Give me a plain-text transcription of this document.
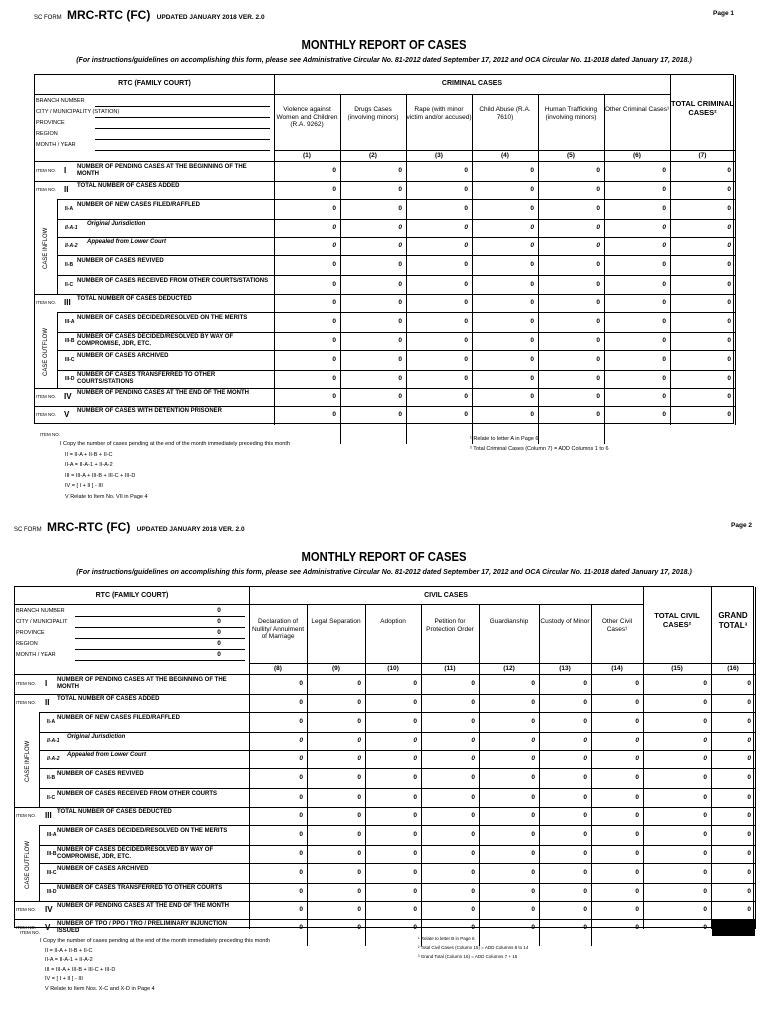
SC FORM MRC-RTC (FC) UPDATED JANUARY 2018 VER. 2.0
Page 1
MONTHLY REPORT OF CASES
(For instructions/guidelines on accomplishing this form, please see Administrative Circular No. 81-2012 dated September 17, 2012 and OCA Circular No. 11-2018 dated January 17, 2018.)
RTC (FAMILY COURT)	CRIMINAL CASES
BRANCH NUMBER
CITY / MUNICIPALITY (STATION)
PROVINCE
REGION
MONTH / YEAR
Violence against Women and Children (R.A. 9262)
(1)
Drugs Cases (involving minors)
(2)
Rape (with minor victim and/or accused)
(3)
Child Abuse (R.A. 7610)
(4)
Human Trafficking (involving minors)
(5)
Other Criminal Cases¹
(6)
TOTAL CRIMINAL CASES²
(7)
ITEM NO. I NUMBER OF PENDING CASES AT THE BEGINNING OF THE MONTH	0	0	0	0	0	0	0
ITEM NO. II TOTAL NUMBER OF CASES ADDED	0	0	0	0	0	0	0
II-A
NUMBER OF NEW CASES FILED/RAFFLED	0	0	0	0	0	0	0
II-A-1
Original Jurisdiction	0	0	0	0	0	0	0
II-A-2
Appealed from Lower Court	0	0	0	0	0	0	0
II-B
NUMBER OF CASES REVIVED	0	0	0	0	0	0	0
II-C
NUMBER OF CASES RECEIVED FROM OTHER COURTS/STATIONS	0	0	0	0	0	0	0
ITEM NO. III TOTAL NUMBER OF CASES DEDUCTED	0	0	0	0	0	0	0
III-A
NUMBER OF CASES DECIDED/RESOLVED ON THE MERITS	0	0	0	0	0	0	0
III-B
NUMBER OF CASES DECIDED/RESOLVED BY WAY OF COMPROMISE, JDR, ETC.	0	0	0	0	0	0	0
III-C
NUMBER OF CASES ARCHIVED	0	0	0	0	0	0	0
III-D
NUMBER OF CASES TRANSFERRED TO OTHER COURTS/STATIONS	0	0	0	0	0	0	0
ITEM NO. IV NUMBER OF PENDING CASES AT THE END OF THE MONTH	0	0	0	0	0	0	0
ITEM NO. V NUMBER OF CASES WITH DETENTION PRISONER	0	0	0	0	0	0	0
CASE INFLOW
CASE OUTFLOW
ITEM NO.
I Copy the number of cases pending at the end of the month immediately preceding this month
II = II-A + II-B + II-C
II-A = II-A-1 + II-A-2
III = III-A + III-B + III-C + III-D
IV = [ I + II ] - III
V Relate to Item No. VII in Page 4
¹ Relate to letter A in Page 6
² Total Criminal Cases (Column 7) = ADD Columns 1 to 6
SC FORM MRC-RTC (FC) UPDATED JANUARY 2018 VER. 2.0
Page 2
MONTHLY REPORT OF CASES
(For instructions/guidelines on accomplishing this form, please see Administrative Circular No. 81-2012 dated September 17, 2012 and OCA Circular No. 11-2018 dated January 17, 2018.)
RTC (FAMILY COURT)	CIVIL CASES
BRANCH NUMBER	0
CITY / MUNICIPALIT	0
PROVINCE	0
REGION	0
MONTH / YEAR	0
Declaration of Nullity/ Annulment of Marriage
(8)
Legal Separation
(9)
Adoption
(10)
Petition for Protection Order
(11)
Guardianship
(12)
Custody of Minor
(13)
Other Civil Cases¹
(14)
TOTAL CIVIL CASES²
(15)
GRAND TOTAL³
(16)
ITEM NO. I NUMBER OF PENDING CASES AT THE BEGINNING OF THE MONTH	0	0	0	0	0	0	0	0	0
ITEM NO. II TOTAL NUMBER OF CASES ADDED	0	0	0	0	0	0	0	0	0
II-A
NUMBER OF NEW CASES FILED/RAFFLED	0	0	0	0	0	0	0	0	0
II-A-1
Original Jurisdiction	0	0	0	0	0	0	0	0	0
II-A-2
Appealed from Lower Court	0	0	0	0	0	0	0	0	0
II-B
NUMBER OF CASES REVIVED	0	0	0	0	0	0	0	0	0
II-C
NUMBER OF CASES RECEIVED FROM OTHER COURTS	0	0	0	0	0	0	0	0	0
ITEM NO. III TOTAL NUMBER OF CASES DEDUCTED	0	0	0	0	0	0	0	0	0
III-A
NUMBER OF CASES DECIDED/RESOLVED ON THE MERITS	0	0	0	0	0	0	0	0	0
III-B
NUMBER OF CASES DECIDED/RESOLVED BY WAY OF COMPROMISE, JDR, ETC.	0	0	0	0	0	0	0	0	0
III-C
NUMBER OF CASES ARCHIVED	0	0	0	0	0	0	0	0	0
III-D
NUMBER OF CASES TRANSFERRED TO OTHER COURTS	0	0	0	0	0	0	0	0	0
ITEM NO. IV NUMBER OF PENDING CASES AT THE END OF THE MONTH	0	0	0	0	0	0	0	0	0
ITEM NO. V NUMBER OF TPO / PPO / TRO / PRELIMINARY INJUNCTION ISSUED	0	0	0	0	0	0	0	0
CASE INFLOW
CASE OUTFLOW
ITEM NO.
I Copy the number of cases pending at the end of the month immediately preceding this month
II = II-A + II-B + II-C
II-A = II-A-1 + II-A-2
III = III-A + III-B + III-C + III-D
IV = [ I + II ] - III
V Relate to Item Nos. X-C and X-D in Page 4
¹ Relate to letter B in Page 6
² Total Civil Cases (Column 15) = ADD Columns 8 to 14
³ Grand Total (Column 16) = ADD Columns 7 + 15
